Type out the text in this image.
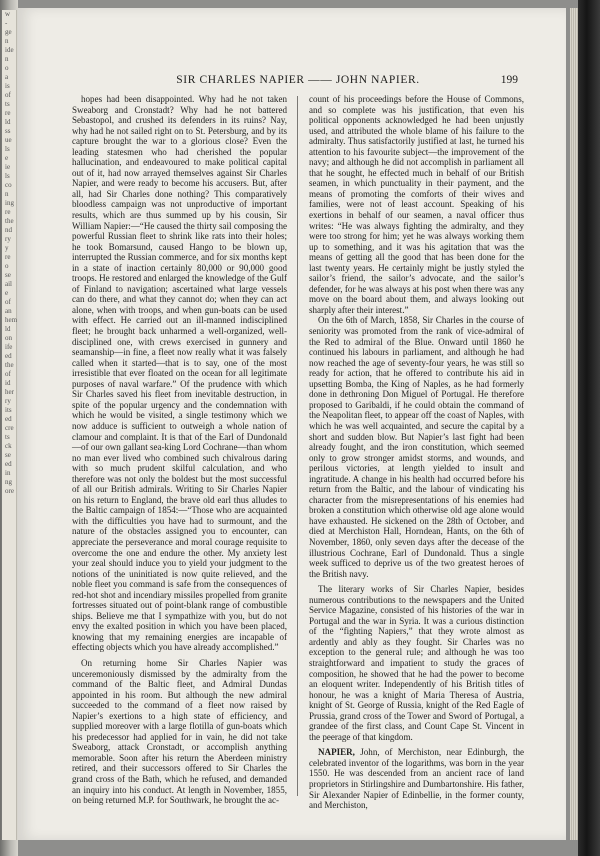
w
-
ge
n
ide
n
o
a
is
of
ts
re
ld
ss
ue
ls
e
ie
ls
co
n
ing
re
the
nd
ry
y
re
o
se
ail
e
of
an
hem
ld
on
ife
ed
the
of
id
her
ry
its
ed
cre
ts
ck
se
ed
in
ng
ore
SIR CHARLES NAPIER —— JOHN NAPIER.	199

hopes had been disappointed. Why had he not taken Sweaborg and Cronstadt? Why had he not battered Sebastopol, and crushed its defenders in its ruins? Nay, why had he not sailed right on to St. Petersburg, and by its capture brought the war to a glorious close? Even the leading statesmen who had cherished the popular hallucination, and endeavoured to make political capital out of it, had now arrayed themselves against Sir Charles Napier, and were ready to become his accusers. But, after all, had Sir Charles done nothing? This comparatively bloodless campaign was not unproductive of important results, which are thus summed up by his cousin, Sir William Napier:—“He caused the thirty sail composing the powerful Russian fleet to shrink like rats into their holes; he took Bomarsund, caused Hango to be blown up, interrupted the Russian commerce, and for six months kept in a state of inaction certainly 80,000 or 90,000 good troops. He restored and enlarged the knowledge of the Gulf of Finland to navigation; ascertained what large vessels can do there, and what they cannot do; when they can act alone, when with troops, and when gun-boats can be used with effect. He carried out an ill-manned indisciplined fleet; he brought back unharmed a well-organized, well-disciplined one, with crews exercised in gunnery and seamanship—in fine, a fleet now really what it was falsely called when it started—that is to say, one of the most irresistible that ever floated on the ocean for all legitimate purposes of naval warfare.” Of the prudence with which Sir Charles saved his fleet from inevitable destruction, in spite of the popular urgency and the condemnation with which he would be visited, a single testimony which we now adduce is sufficient to outweigh a whole nation of clamour and complaint. It is that of the Earl of Dundonald—of our own gallant sea-king Lord Cochrane—than whom no man ever lived who combined such chivalrous daring with so much prudent skilful calculation, and who therefore was not only the boldest but the most successful of all our British admirals. Writing to Sir Charles Napier on his return to England, the brave old earl thus alludes to the Baltic campaign of 1854:—“Those who are acquainted with the difficulties you have had to surmount, and the nature of the obstacles assigned you to encounter, can appreciate the perseverance and moral courage requisite to overcome the one and endure the other. My anxiety lest your zeal should induce you to yield your judgment to the notions of the uninitiated is now quite relieved, and the noble fleet you command is safe from the consequences of red-hot shot and incendiary missiles propelled from granite fortresses situated out of point-blank range of combustible ships. Believe me that I sympathize with you, but do not envy the exalted position in which you have been placed, knowing that my remaining energies are incapable of effecting objects which you have already accomplished.”

On returning home Sir Charles Napier was unceremoniously dismissed by the admiralty from the command of the Baltic fleet, and Admiral Dundas appointed in his room. But although the new admiral succeeded to the command of a fleet now raised by Napier’s exertions to a high state of efficiency, and supplied moreover with a large flotilla of gun-boats which his predecessor had applied for in vain, he did not take Sweaborg, attack Cronstadt, or accomplish anything memorable. Soon after his return the Aberdeen ministry retired, and their successors offered to Sir Charles the grand cross of the Bath, which he refused, and demanded an inquiry into his conduct. At length in November, 1855, on being returned M.P. for Southwark, he brought the ac-

count of his proceedings before the House of Commons, and so complete was his justification, that even his political opponents acknowledged he had been unjustly used, and attributed the whole blame of his failure to the admiralty. Thus satisfactorily justified at last, he turned his attention to his favourite subject—the improvement of the navy; and although he did not accomplish in parliament all that he sought, he effected much in behalf of our British seamen, in which punctuality in their payment, and the means of promoting the comforts of their wives and families, were not of least account. Speaking of his exertions in behalf of our seamen, a naval officer thus writes: “He was always fighting the admiralty, and they were too strong for him; yet he was always working them up to something, and it was his agitation that was the means of getting all the good that has been done for the last twenty years. He certainly might be justly styled the sailor’s friend, the sailor’s advocate, and the sailor’s defender, for he was always at his post when there was any move on the board about them, and always looking out sharply after their interest.”

On the 6th of March, 1858, Sir Charles in the course of seniority was promoted from the rank of vice-admiral of the Red to admiral of the Blue. Onward until 1860 he continued his labours in parliament, and although he had now reached the age of seventy-four years, he was still so ready for action, that he offered to contribute his aid in upsetting Bomba, the King of Naples, as he had formerly done in dethroning Don Miguel of Portugal. He therefore proposed to Garibaldi, if he could obtain the command of the Neapolitan fleet, to appear off the coast of Naples, with which he was well acquainted, and secure the capital by a short and sudden blow. But Napier’s last fight had been already fought, and the iron constitution, which seemed only to grow stronger amidst storms, and wounds, and perilous victories, at length yielded to insult and ingratitude. A change in his health had occurred before his return from the Baltic, and the labour of vindicating his character from the misrepresentations of his enemies had broken a constitution which otherwise old age alone would have exhausted. He sickened on the 28th of October, and died at Merchiston Hall, Horndean, Hants, on the 6th of November, 1860, only seven days after the decease of the illustrious Cochrane, Earl of Dundonald. Thus a single week sufficed to deprive us of the two greatest heroes of the British navy.

The literary works of Sir Charles Napier, besides numerous contributions to the newspapers and the United Service Magazine, consisted of his histories of the war in Portugal and the war in Syria. It was a curious distinction of the “fighting Napiers,” that they wrote almost as ardently and ably as they fought. Sir Charles was no exception to the general rule; and although he was too straightforward and impatient to study the graces of composition, he showed that he had the power to become an eloquent writer. Independently of his British titles of honour, he was a knight of Maria Theresa of Austria, knight of St. George of Russia, knight of the Red Eagle of Prussia, grand cross of the Tower and Sword of Portugal, a grandee of the first class, and Count Cape St. Vincent in the peerage of that kingdom.

NAPIER, John, of Merchiston, near Edinburgh, the celebrated inventor of the logarithms, was born in the year 1550. He was descended from an ancient race of land proprietors in Stirlingshire and Dumbartonshire. His father, Sir Alexander Napier of Edinbellie, in the former county, and Merchiston,
